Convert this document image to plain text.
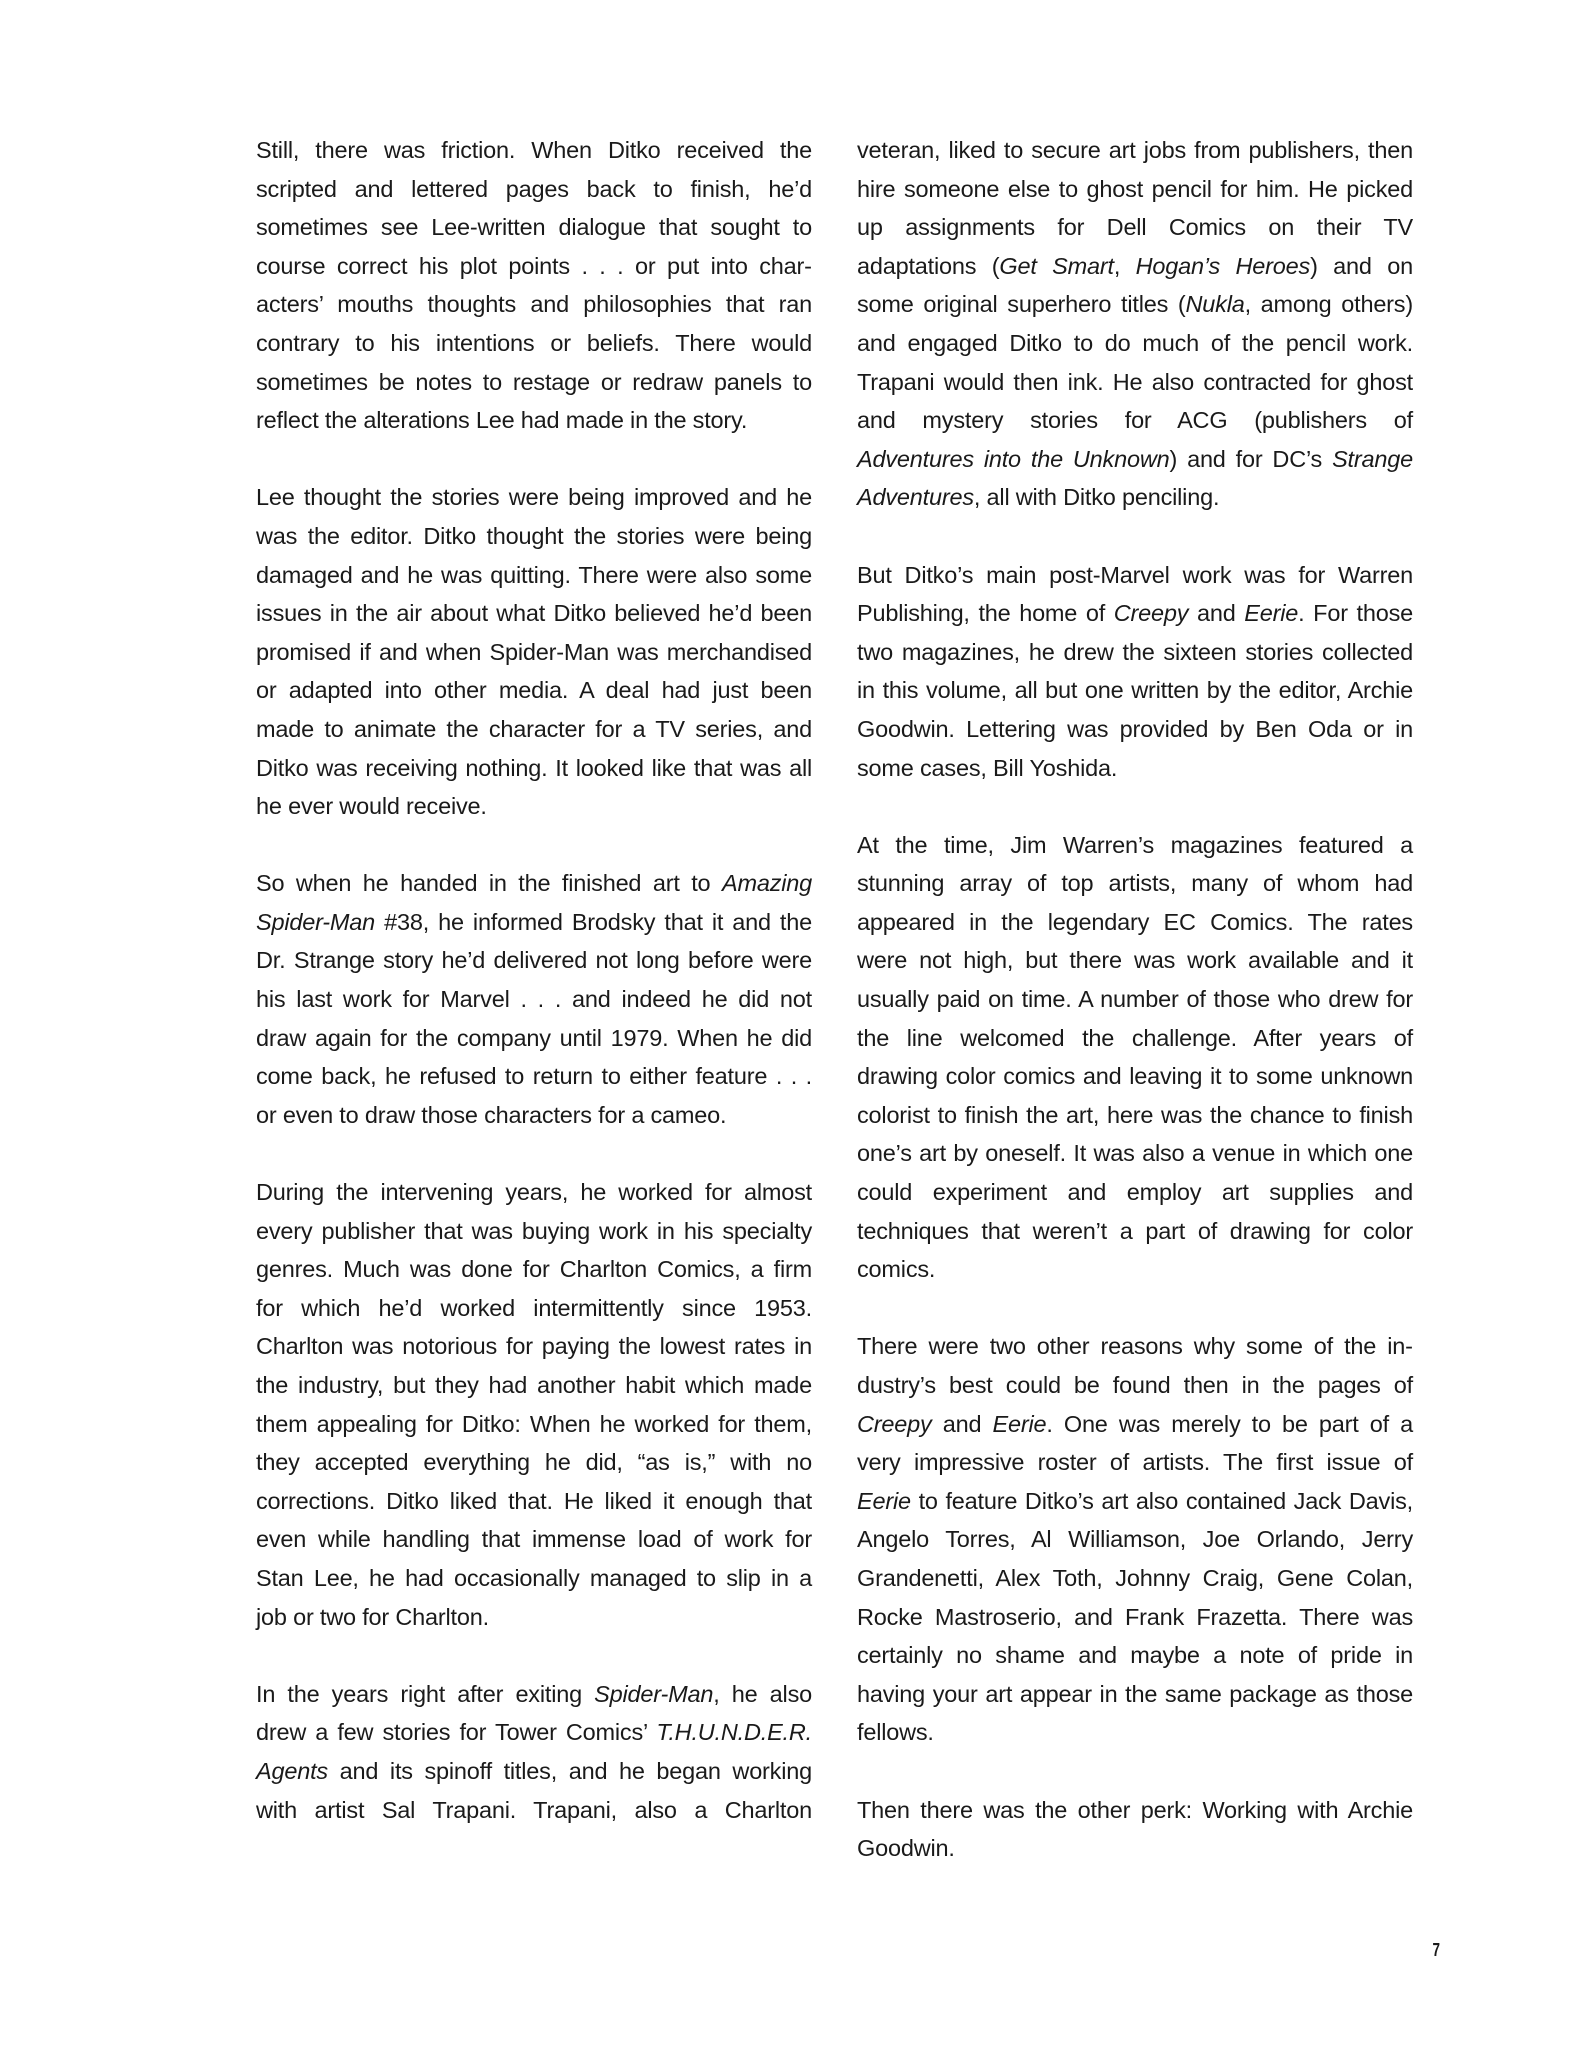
Still, there was friction. When Ditko received the scripted and lettered pages back to finish, he’d sometimes see Lee-written dialogue that sought to course correct his plot points . . . or put into characters’ mouths thoughts and philosophies that ran contrary to his intentions or beliefs. There would sometimes be notes to restage or redraw panels to reflect the alterations Lee had made in the story.

Lee thought the stories were being improved and he was the editor. Ditko thought the stories were being damaged and he was quitting. There were also some issues in the air about what Ditko believed he’d been promised if and when Spider-Man was merchandised or adapted into other media. A deal had just been made to animate the character for a TV series, and Ditko was receiving nothing. It looked like that was all he ever would receive.

So when he handed in the finished art to Amazing Spider-Man #38, he informed Brodsky that it and the Dr. Strange story he’d delivered not long before were his last work for Marvel . . . and indeed he did not draw again for the company until 1979. When he did come back, he refused to return to either feature . . . or even to draw those characters for a cameo.

During the intervening years, he worked for almost every publisher that was buying work in his specialty genres. Much was done for Charlton Comics, a firm for which he’d worked intermittently since 1953. Charlton was notorious for paying the lowest rates in the industry, but they had another habit which made them appealing for Ditko: When he worked for them, they accepted everything he did, “as is,” with no corrections. Ditko liked that. He liked it enough that even while handling that immense load of work for Stan Lee, he had occasionally managed to slip in a job or two for Charlton.

In the years right after exiting Spider-Man, he also drew a few stories for Tower Comics’ T.H.U.N.D.E.R. Agents and its spinoff titles, and he began working with artist Sal Trapani. Trapani, also a Charlton

veteran, liked to secure art jobs from publishers, then hire someone else to ghost pencil for him. He picked up assignments for Dell Comics on their TV adaptations (Get Smart, Hogan’s Heroes) and on some original superhero titles (Nukla, among others) and engaged Ditko to do much of the pencil work. Trapani would then ink. He also contracted for ghost and mystery stories for ACG (publishers of Adventures into the Unknown) and for DC’s Strange Adventures, all with Ditko penciling.

But Ditko’s main post-Marvel work was for Warren Publishing, the home of Creepy and Eerie. For those two magazines, he drew the sixteen stories collected in this volume, all but one written by the editor, Archie Goodwin. Lettering was provided by Ben Oda or in some cases, Bill Yoshida.

At the time, Jim Warren’s magazines featured a stunning array of top artists, many of whom had appeared in the legendary EC Comics. The rates were not high, but there was work available and it usually paid on time. A number of those who drew for the line welcomed the challenge. After years of drawing color comics and leaving it to some unknown colorist to finish the art, here was the chance to finish one’s art by oneself. It was also a venue in which one could experiment and employ art supplies and techniques that weren’t a part of drawing for color comics.

There were two other reasons why some of the industry’s best could be found then in the pages of Creepy and Eerie. One was merely to be part of a very impressive roster of artists. The first issue of Eerie to feature Ditko’s art also contained Jack Davis, Angelo Torres, Al Williamson, Joe Orlando, Jerry Grandenetti, Alex Toth, Johnny Craig, Gene Colan, Rocke Mastroserio, and Frank Frazetta. There was certainly no shame and maybe a note of pride in having your art appear in the same package as those fellows.

Then there was the other perk: Working with Archie Goodwin.

7
